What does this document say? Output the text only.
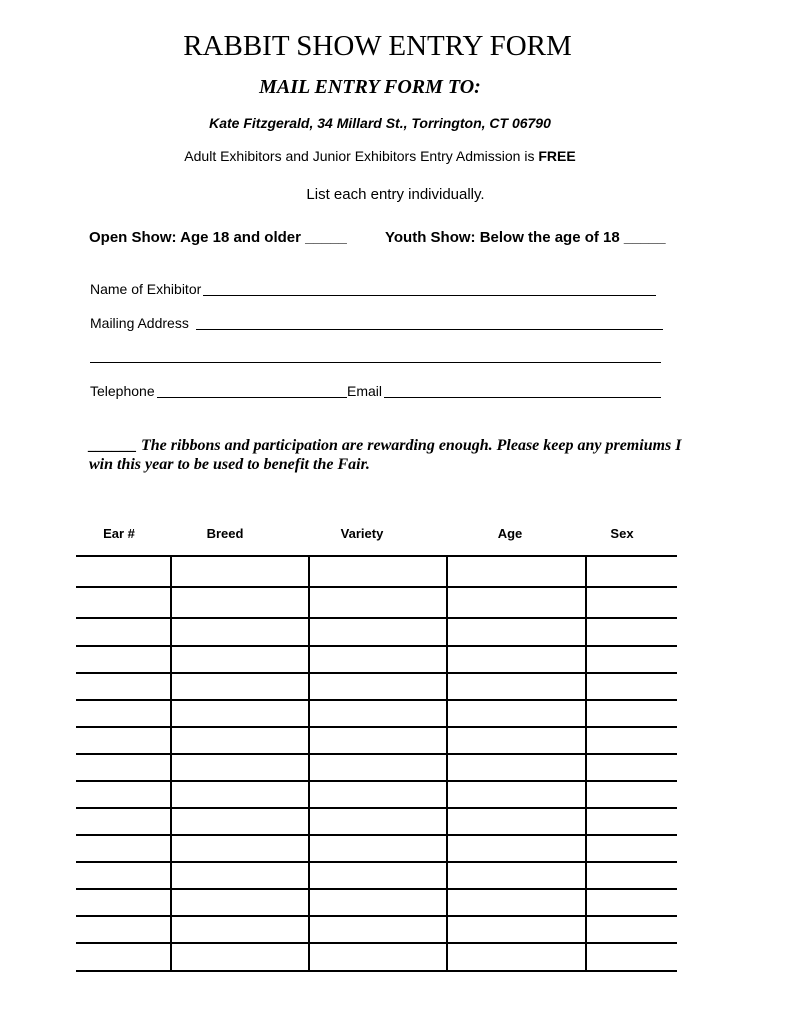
RABBIT SHOW ENTRY FORM
MAIL ENTRY FORM TO:
Kate Fitzgerald, 34 Millard St., Torrington, CT 06790
Adult Exhibitors and Junior Exhibitors Entry Admission is FREE
List each entry individually.
Open Show: Age 18 and older _____	Youth Show: Below the age of 18 _____
Name of Exhibitor
Mailing Address
Telephone	Email
______ The ribbons and participation are rewarding enough. Please keep any premiums I win this year to be used to benefit the Fair.
Ear #	Breed	Variety	Age	Sex
